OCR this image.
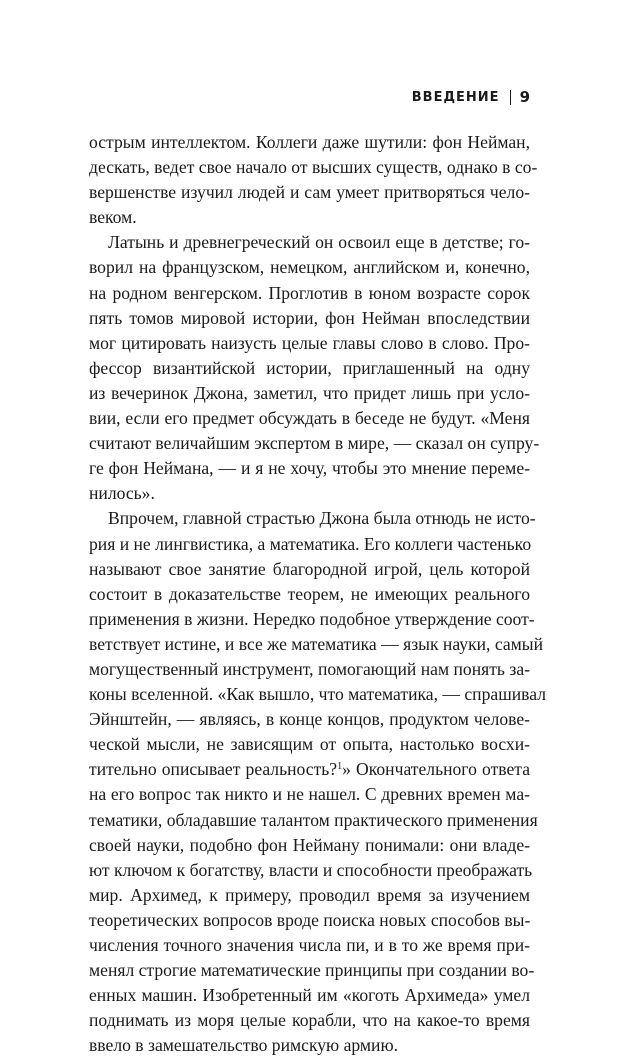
ВВЕДЕНИЕ 9
острым интеллектом. Коллеги даже шутили: фон Нейман,
дескать, ведет свое начало от высших существ, однако в со-
вершенстве изучил людей и сам умеет притворяться чело-
веком.
Латынь и древнегреческий он освоил еще в детстве; го-
ворил на французском, немецком, английском и, конечно,
на родном венгерском. Проглотив в юном возрасте сорок
пять томов мировой истории, фон Нейман впоследствии
мог цитировать наизусть целые главы слово в слово. Про-
фессор византийской истории, приглашенный на одну
из вечеринок Джона, заметил, что придет лишь при усло-
вии, если его предмет обсуждать в беседе не будут. «Меня
считают величайшим экспертом в мире, — сказал он супру-
ге фон Неймана, — и я не хочу, чтобы это мнение переме-
нилось».
Впрочем, главной страстью Джона была отнюдь не исто-
рия и не лингвистика, а математика. Его коллеги частенько
называют свое занятие благородной игрой, цель которой
состоит в доказательстве теорем, не имеющих реального
применения в жизни. Нередко подобное утверждение соот-
ветствует истине, и все же математика — язык науки, самый
могущественный инструмент, помогающий нам понять за-
коны вселенной. «Как вышло, что математика, — спрашивал
Эйнштейн, — являясь, в конце концов, продуктом челове-
ческой мысли, не зависящим от опыта, настолько восхи-
тительно описывает реальность?$^1$» Окончательного ответа
на его вопрос так никто и не нашел. С древних времен ма-
тематики, обладавшие талантом практического применения
своей науки, подобно фон Нейману понимали: они владе-
ют ключом к богатству, власти и способности преображать
мир. Архимед, к примеру, проводил время за изучением
теоретических вопросов вроде поиска новых способов вы-
числения точного значения числа пи, и в то же время при-
менял строгие математические принципы при создании во-
енных машин. Изобретенный им «коготь Архимеда» умел
поднимать из моря целые корабли, что на какое-то время
ввело в замешательство римскую армию.
